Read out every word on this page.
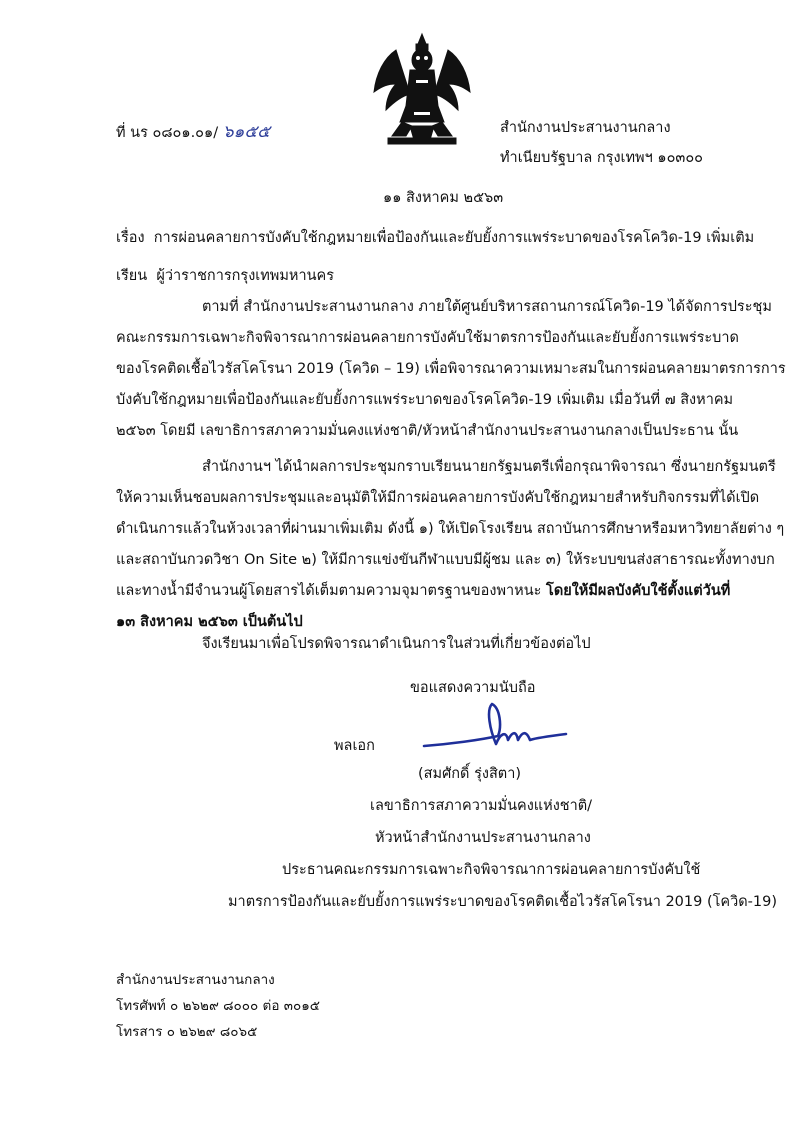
ที่ นร ๐๘๐๑.๐๑/ ๖๑๕๕	สำนักงานประสานงานกลาง
ทำเนียบรัฐบาล กรุงเทพฯ ๑๐๓๐๐
๑๑ สิงหาคม ๒๕๖๓
เรื่อง การผ่อนคลายการบังคับใช้กฎหมายเพื่อป้องกันและยับยั้งการแพร่ระบาดของโรคโควิด-19 เพิ่มเติม
เรียน ผู้ว่าราชการกรุงเทพมหานคร
ตามที่ สำนักงานประสานงานกลาง ภายใต้ศูนย์บริหารสถานการณ์โควิด-19 ได้จัดการประชุม
คณะกรรมการเฉพาะกิจพิจารณาการผ่อนคลายการบังคับใช้มาตรการป้องกันและยับยั้งการแพร่ระบาด
ของโรคติดเชื้อไวรัสโคโรนา 2019 (โควิด – 19) เพื่อพิจารณาความเหมาะสมในการผ่อนคลายมาตรการการ
บังคับใช้กฎหมายเพื่อป้องกันและยับยั้งการแพร่ระบาดของโรคโควิด-19 เพิ่มเติม เมื่อวันที่ ๗ สิงหาคม
๒๕๖๓ โดยมี เลขาธิการสภาความมั่นคงแห่งชาติ/หัวหน้าสำนักงานประสานงานกลางเป็นประธาน นั้น
สำนักงานฯ ได้นำผลการประชุมกราบเรียนนายกรัฐมนตรีเพื่อกรุณาพิจารณา ซึ่งนายกรัฐมนตรี
ให้ความเห็นชอบผลการประชุมและอนุมัติให้มีการผ่อนคลายการบังคับใช้กฎหมายสำหรับกิจกรรมที่ได้เปิด
ดำเนินการแล้วในห้วงเวลาที่ผ่านมาเพิ่มเติม ดังนี้ ๑) ให้เปิดโรงเรียน สถาบันการศึกษาหรือมหาวิทยาลัยต่าง ๆ
และสถาบันกวดวิชา On Site ๒) ให้มีการแข่งขันกีฬาแบบมีผู้ชม และ ๓) ให้ระบบขนส่งสาธารณะทั้งทางบก
และทางน้ำมีจำนวนผู้โดยสารได้เต็มตามความจุมาตรฐานของพาหนะ โดยให้มีผลบังคับใช้ตั้งแต่วันที่
๑๓ สิงหาคม ๒๕๖๓ เป็นต้นไป
จึงเรียนมาเพื่อโปรดพิจารณาดำเนินการในส่วนที่เกี่ยวข้องต่อไป
ขอแสดงความนับถือ
พลเอก
(สมศักดิ์ รุ่งสิตา)
เลขาธิการสภาความมั่นคงแห่งชาติ/
หัวหน้าสำนักงานประสานงานกลาง
ประธานคณะกรรมการเฉพาะกิจพิจารณาการผ่อนคลายการบังคับใช้
มาตรการป้องกันและยับยั้งการแพร่ระบาดของโรคติดเชื้อไวรัสโคโรนา 2019 (โควิด-19)
สำนักงานประสานงานกลาง
โทรศัพท์ ๐ ๒๖๒๙ ๘๐๐๐ ต่อ ๓๐๑๕
โทรสาร ๐ ๒๖๒๙ ๘๐๖๕
